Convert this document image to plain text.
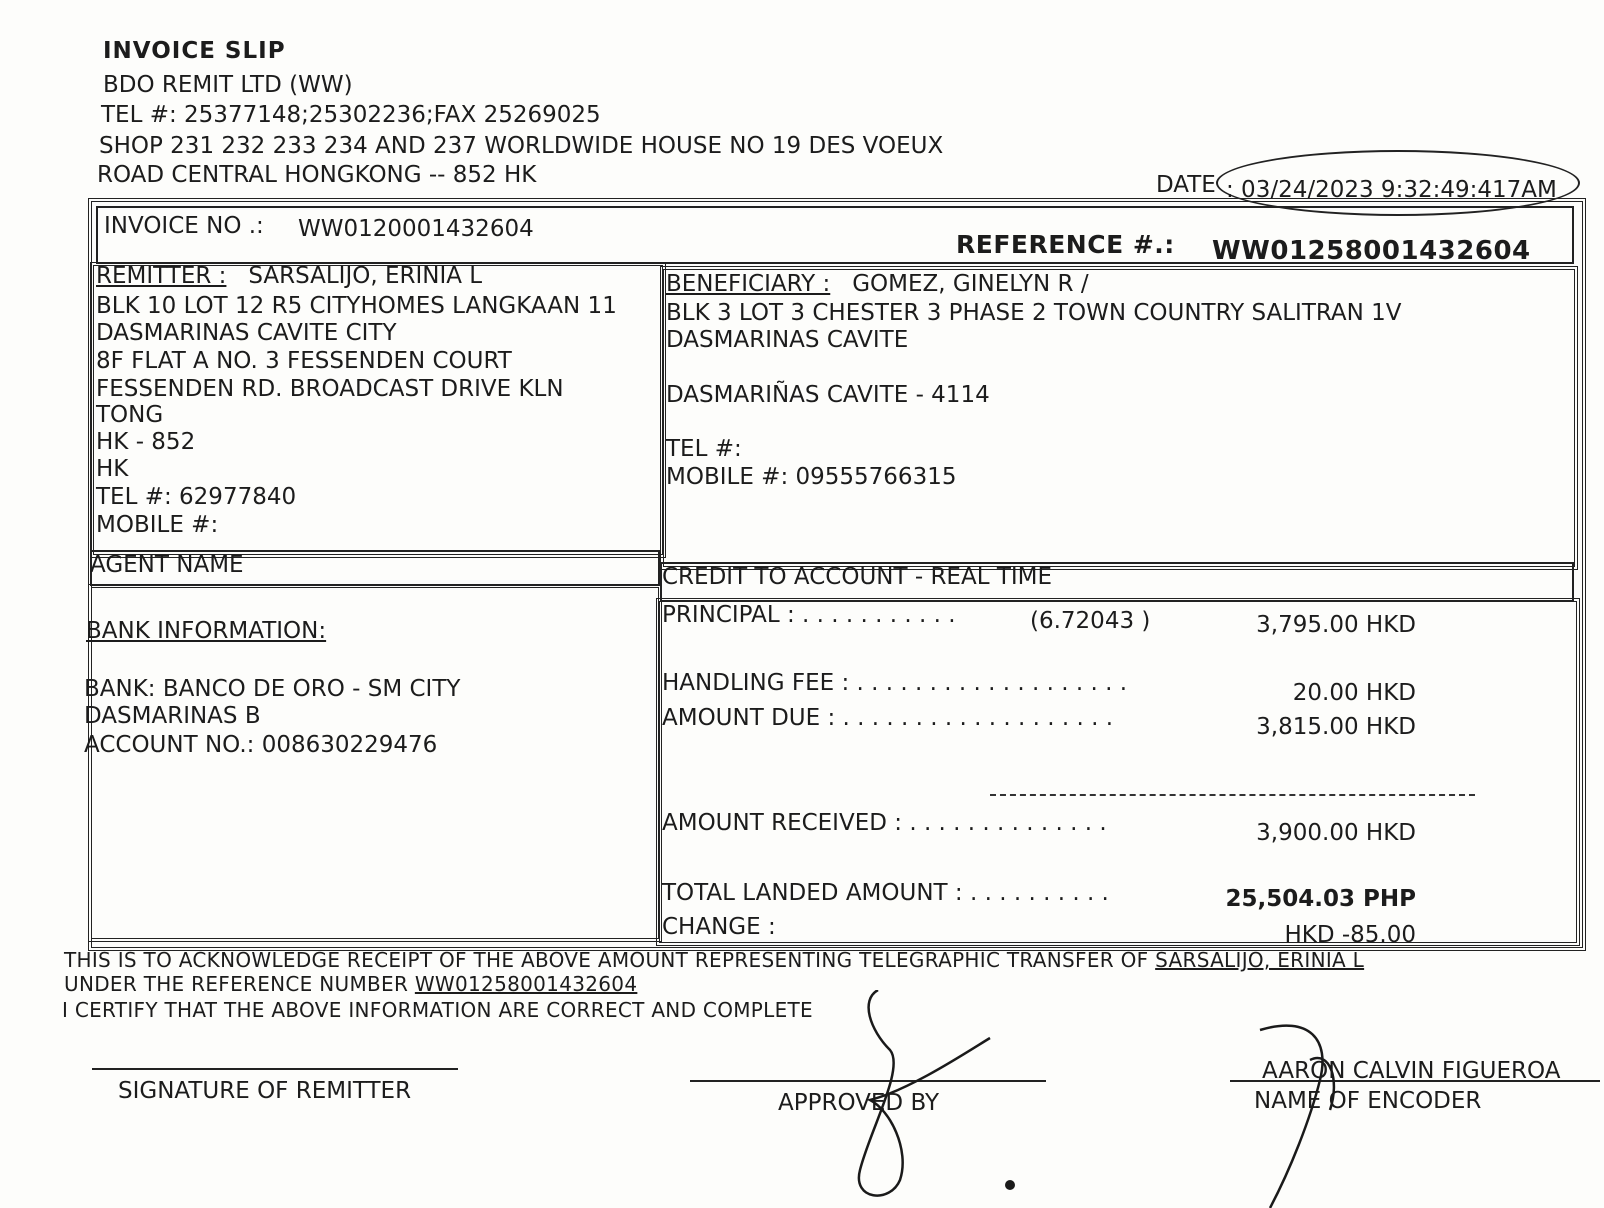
INVOICE SLIP
BDO REMIT LTD (WW)
TEL #: 25377148;25302236;FAX 25269025
SHOP 231 232 233 234 AND 237 WORLDWIDE HOUSE NO 19 DES VOEUX
ROAD CENTRAL HONGKONG -- 852 HK	DATE : 03/24/2023 9:32:49:417AM
INVOICE NO .: WW0120001432604
REFERENCE #.: WW01258001432604
REMITTER : SARSALIJO, ERINIA L
BLK 10 LOT 12 R5 CITYHOMES LANGKAAN 11
DASMARINAS CAVITE CITY
8F FLAT A NO. 3 FESSENDEN COURT
FESSENDEN RD. BROADCAST DRIVE KLN
TONG
HK - 852
HK
TEL #: 62977840
MOBILE #:
BENEFICIARY : GOMEZ, GINELYN R /
BLK 3 LOT 3 CHESTER 3 PHASE 2 TOWN COUNTRY SALITRAN 1V
DASMARINAS CAVITE
DASMARIÑAS CAVITE - 4114
TEL #:
MOBILE #: 09555766315
AGENT NAME	CREDIT TO ACCOUNT - REAL TIME
BANK INFORMATION:
BANK: BANCO DE ORO - SM CITY
DASMARINAS B
ACCOUNT NO.: 008630229476
PRINCIPAL : . . . . . . . . . . .	(6.72043 )	3,795.00 HKD
HANDLING FEE : . . . . . . . . . . . . . . . . . . .	20.00 HKD
AMOUNT DUE : . . . . . . . . . . . . . . . . . . .	3,815.00 HKD
AMOUNT RECEIVED : . . . . . . . . . . . . . .	3,900.00 HKD
TOTAL LANDED AMOUNT : . . . . . . . . . .	25,504.03 PHP
CHANGE :	HKD -85.00
THIS IS TO ACKNOWLEDGE RECEIPT OF THE ABOVE AMOUNT REPRESENTING TELEGRAPHIC TRANSFER OF SARSALIJO, ERINIA L
UNDER THE REFERENCE NUMBER WW01258001432604
I CERTIFY THAT THE ABOVE INFORMATION ARE CORRECT AND COMPLETE
SIGNATURE OF REMITTER	APPROVED BY
AARON CALVIN FIGUEROA
NAME OF ENCODER
